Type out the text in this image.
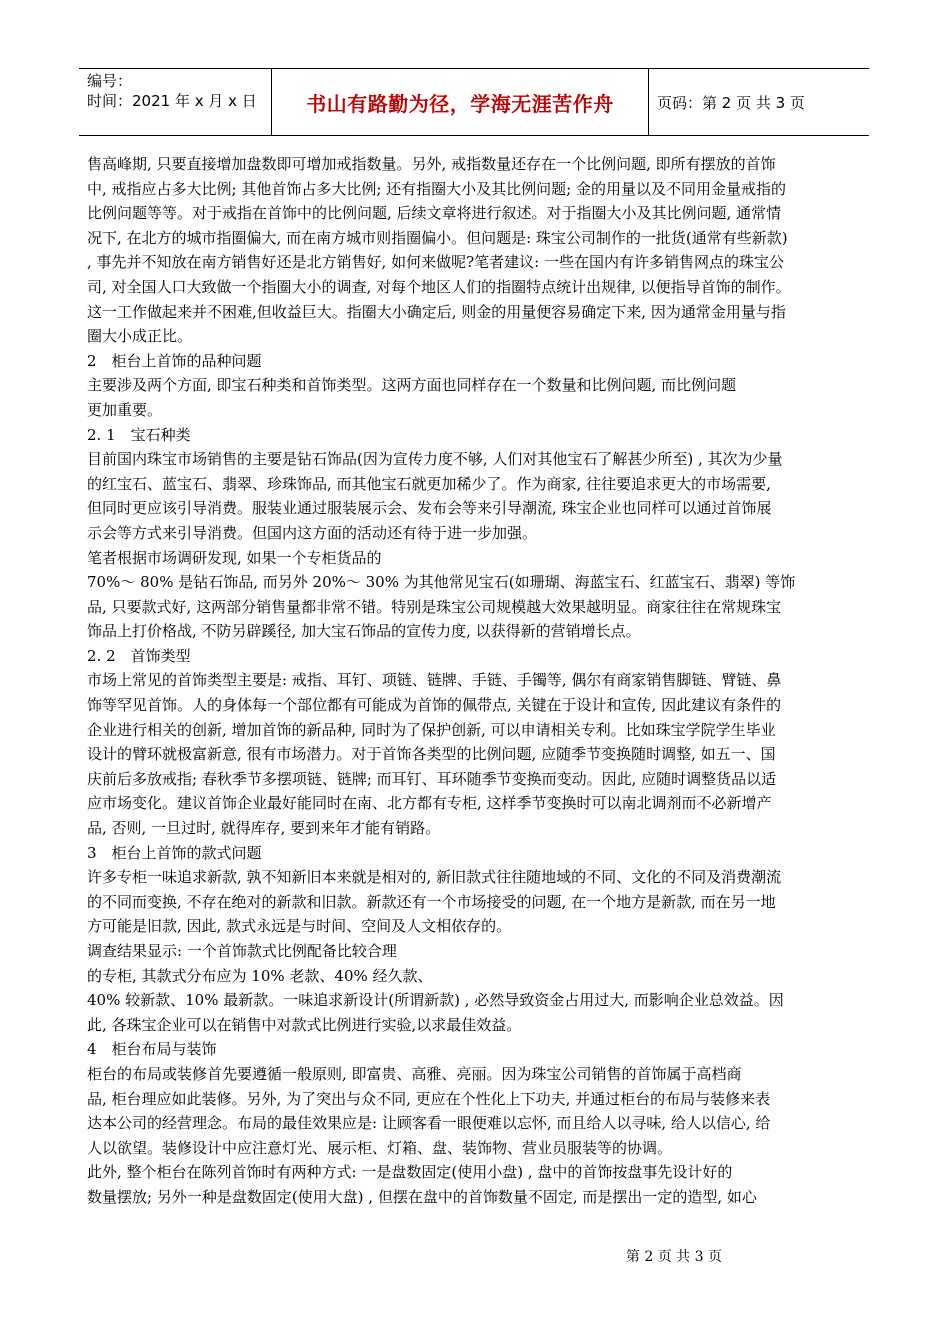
编号：
时间：2021 年 x 月 x 日	书山有路勤为径，学海无涯苦作舟	页码：第 2 页 共 3 页

售高峰期, 只要直接增加盘数即可增加戒指数量。另外, 戒指数量还存在一个比例问题, 即所有摆放的首饰

中, 戒指应占多大比例; 其他首饰占多大比例; 还有指圈大小及其比例问题; 金的用量以及不同用金量戒指的

比例问题等等。对于戒指在首饰中的比例问题, 后续文章将进行叙述。对于指圈大小及其比例问题, 通常情

况下, 在北方的城市指圈偏大, 而在南方城市则指圈偏小。但问题是: 珠宝公司制作的一批货(通常有些新款)

, 事先并不知放在南方销售好还是北方销售好, 如何来做呢?笔者建议: 一些在国内有许多销售网点的珠宝公

司, 对全国人口大致做一个指圈大小的调查, 对每个地区人们的指圈特点统计出规律, 以便指导首饰的制作。

这一工作做起来并不困难,但收益巨大。指圈大小确定后, 则金的用量便容易确定下来, 因为通常金用量与指

圈大小成正比。

2　柜台上首饰的品种问题

主要涉及两个方面, 即宝石种类和首饰类型。这两方面也同样存在一个数量和比例问题, 而比例问题

更加重要。

2. 1　宝石种类

目前国内珠宝市场销售的主要是钻石饰品(因为宣传力度不够, 人们对其他宝石了解甚少所至) , 其次为少量

的红宝石、蓝宝石、翡翠、珍珠饰品, 而其他宝石就更加稀少了。作为商家, 往往要追求更大的市场需要,

但同时更应该引导消费。服装业通过服装展示会、发布会等来引导潮流, 珠宝企业也同样可以通过首饰展

示会等方式来引导消费。但国内这方面的活动还有待于进一步加强。

笔者根据市场调研发现, 如果一个专柜货品的

70%～ 80% 是钻石饰品, 而另外 20%～ 30% 为其他常见宝石(如珊瑚、海蓝宝石、红蓝宝石、翡翠) 等饰

品, 只要款式好, 这两部分销售量都非常不错。特别是珠宝公司规模越大效果越明显。商家往往在常规珠宝

饰品上打价格战, 不防另辟蹊径, 加大宝石饰品的宣传力度, 以获得新的营销增长点。

2. 2　首饰类型

市场上常见的首饰类型主要是: 戒指、耳钉、项链、链牌、手链、手镯等, 偶尔有商家销售脚链、臂链、鼻

饰等罕见首饰。人的身体每一个部位都有可能成为首饰的佩带点, 关键在于设计和宣传, 因此建议有条件的

企业进行相关的创新, 增加首饰的新品种, 同时为了保护创新, 可以申请相关专利。比如珠宝学院学生毕业

设计的臂环就极富新意, 很有市场潜力。对于首饰各类型的比例问题, 应随季节变换随时调整, 如五一、国

庆前后多放戒指; 春秋季节多摆项链、链牌; 而耳钉、耳环随季节变换而变动。因此, 应随时调整货品以适

应市场变化。建议首饰企业最好能同时在南、北方都有专柜, 这样季节变换时可以南北调剂而不必新增产

品, 否则, 一旦过时, 就得库存, 要到来年才能有销路。

3　柜台上首饰的款式问题

许多专柜一味追求新款, 孰不知新旧本来就是相对的, 新旧款式往往随地域的不同、文化的不同及消费潮流

的不同而变换, 不存在绝对的新款和旧款。新款还有一个市场接受的问题, 在一个地方是新款, 而在另一地

方可能是旧款, 因此, 款式永远是与时间、空间及人文相依存的。

调查结果显示: 一个首饰款式比例配备比较合理

的专柜, 其款式分布应为 10% 老款、40% 经久款、

40% 较新款、10% 最新款。一味追求新设计(所谓新款) , 必然导致资金占用过大, 而影响企业总效益。因

此, 各珠宝企业可以在销售中对款式比例进行实验,以求最佳效益。

4　柜台布局与装饰

柜台的布局或装修首先要遵循一般原则, 即富贵、高雅、亮丽。因为珠宝公司销售的首饰属于高档商

品, 柜台理应如此装修。另外, 为了突出与众不同, 更应在个性化上下功夫, 并通过柜台的布局与装修来表

达本公司的经营理念。布局的最佳效果应是: 让顾客看一眼便难以忘怀, 而且给人以寻味, 给人以信心, 给

人以欲望。装修设计中应注意灯光、展示柜、灯箱、盘、装饰物、营业员服装等的协调。

此外, 整个柜台在陈列首饰时有两种方式: 一是盘数固定(使用小盘) , 盘中的首饰按盘事先设计好的

数量摆放; 另外一种是盘数固定(使用大盘) , 但摆在盘中的首饰数量不固定, 而是摆出一定的造型, 如心

第 2 页 共 3 页
